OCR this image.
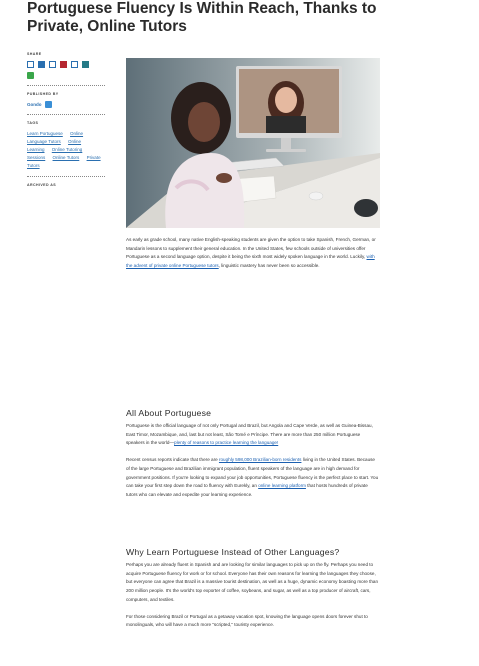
Portuguese Fluency Is Within Reach, Thanks to Private, Online Tutors
SHARE
PUBLISHED BY
Gondo
TAGS
Learn Portuguese Online Language Tutors Online Learning Online Tutoring Sessions Online Tutors Private Tutors
ARCHIVED AS

As early as grade school, many native English-speaking students are given the option to take Spanish, French, German, or Mandarin lessons to supplement their general education. In the United States, few schools outside of universities offer Portuguese as a second language option, despite it being the sixth most widely spoken language in the world. Luckily, with the advent of private online Portuguese tutors, linguistic mastery has never been so accessible.

All About Portuguese

Portuguese is the official language of not only Portugal and Brazil, but Angola and Cape Verde, as well as Guinea-Bissau, East Timor, Mozambique, and, last but not least, São Tomé e Príncipe. There are more than 250 million Portuguese speakers in the world—plenty of reasons to practice learning the language!

Recent census reports indicate that there are roughly 598,000 Brazilian-born residents living in the United States. Because of the large Portuguese and Brazilian immigrant population, fluent speakers of the language are in high demand for government positions. If you're looking to expand your job opportunities, Portuguese fluency is the perfect place to start. You can take your first step down the road to fluency with Eurekly, an online learning platform that hosts hundreds of private tutors who can elevate and expedite your learning experience.

Why Learn Portuguese Instead of Other Languages?

Perhaps you are already fluent in Spanish and are looking for similar languages to pick up on the fly. Perhaps you need to acquire Portuguese fluency for work or for school. Everyone has their own reasons for learning the languages they choose, but everyone can agree that Brazil is a massive tourist destination, as well as a huge, dynamic economy boasting more than 200 million people. It's the world's top exporter of coffee, soybeans, and sugar, as well as a top producer of aircraft, cars, computers, and textiles.

For those considering Brazil or Portugal as a getaway vacation spot, knowing the language opens doors forever shut to monolinguals, who will have a much more "scripted," touristy experience.
